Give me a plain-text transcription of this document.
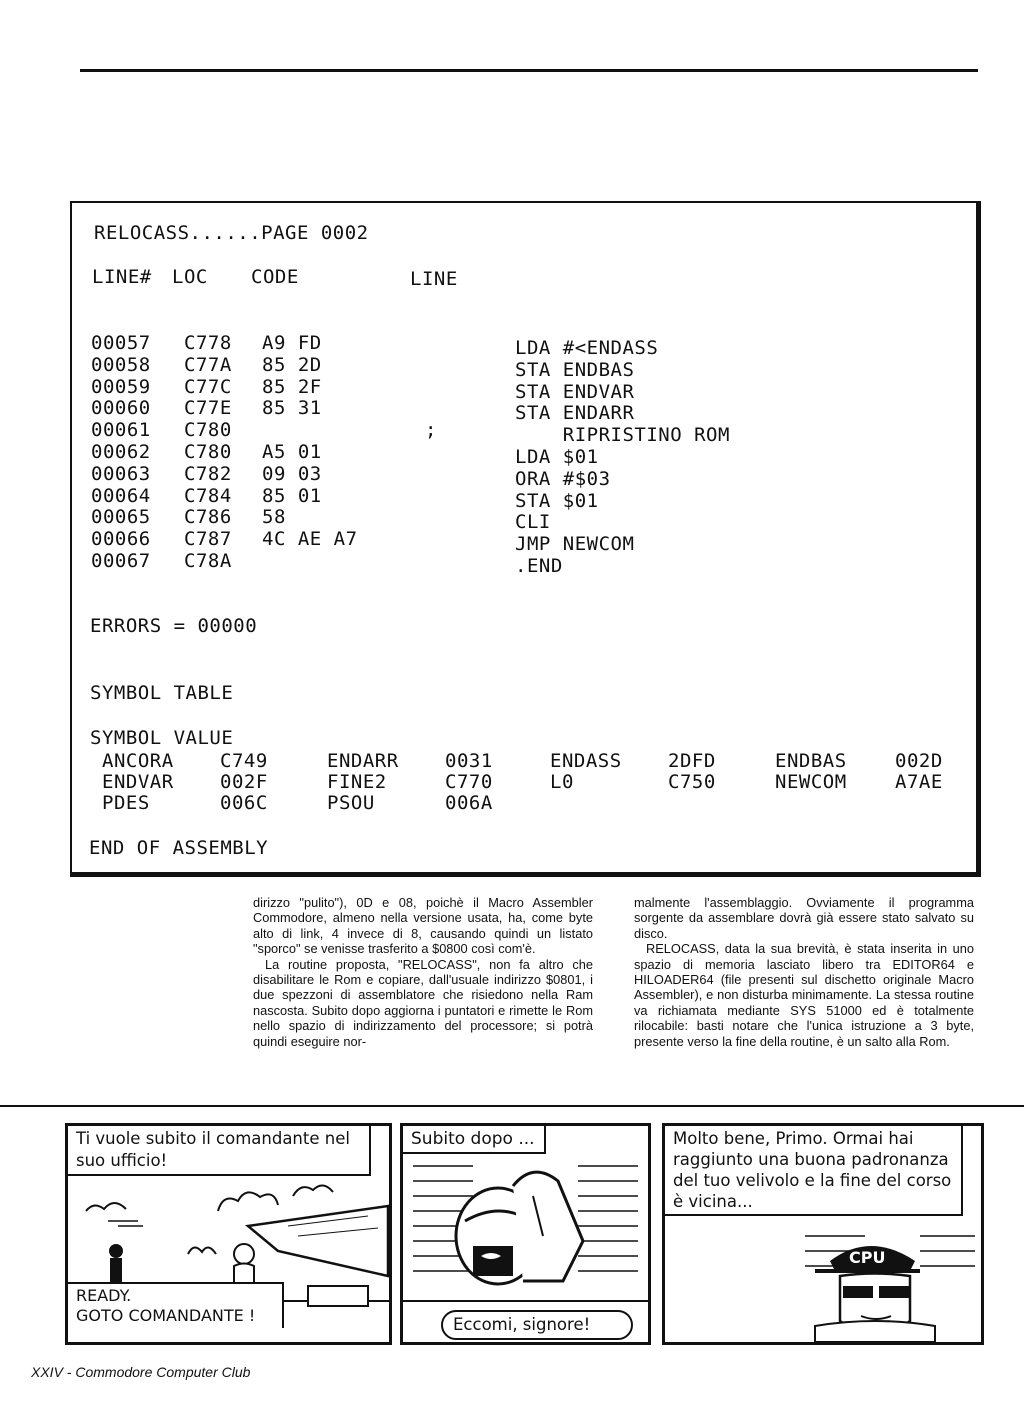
RELOCASS......PAGE 0002
LINE# LOC CODE	LINE
00057 C778 A9 FD	LDA #<ENDASS
00058 C77A 85 2D	STA ENDBAS
00059 C77C 85 2F	STA ENDVAR
00060 C77E 85 31	STA ENDARR
00061 C780	;	RIPRISTINO ROM
00062 C780 A5 01	LDA $01
00063 C782 09 03	ORA #$03
00064 C784 85 01	STA $01
00065 C786 58	CLI
00066 C787 4C AE A7	JMP NEWCOM
00067 C78A	.END
ERRORS = 00000
SYMBOL TABLE
SYMBOL VALUE
ANCORA C749	ENDARR 0031	ENDASS 2DFD	ENDBAS	002D
ENDVAR 002F	FINE2	C770	L0	C750	NEWCOM	A7AE
PDES	006C	PSOU	006A
END OF ASSEMBLY

dirizzo "pulito"), 0D e 08, poichè il Macro Assembler Commodore, almeno nella versione usata, ha, come byte alto di link, 4 invece di 8, causando quindi un listato "sporco" se venisse trasferito a $0800 così com'è.

La routine proposta, "RELOCASS", non fa altro che disabilitare le Rom e copiare, dall'usuale indirizzo $0801, i due spezzoni di assemblatore che risiedono nella Ram nascosta. Subito dopo aggiorna i puntatori e rimette le Rom nello spazio di indirizzamento del processore; si potrà quindi eseguire nor-

malmente l'assemblaggio. Ovviamente il programma sorgente da assemblare dovrà già essere stato salvato su disco.

RELOCASS, data la sua brevità, è stata inserita in uno spazio di memoria lasciato libero tra EDITOR64 e HILOADER64 (file presenti sul dischetto originale Macro Assembler), e non disturba minimamente. La stessa routine va richiamata mediante SYS 51000 ed è totalmente rilocabile: basti notare che l'unica istruzione a 3 byte, presente verso la fine della routine, è un salto alla Rom.

Ti vuole subito il comandante nel suo ufficio!
READY.
GOTO COMANDANTE !
Subito dopo ...
Eccomi, signore!
CPU
Molto bene, Primo. Ormai hai raggiunto una buona padronanza del tuo velivolo e la fine del corso è vicina...
XXIV - Commodore Computer Club
